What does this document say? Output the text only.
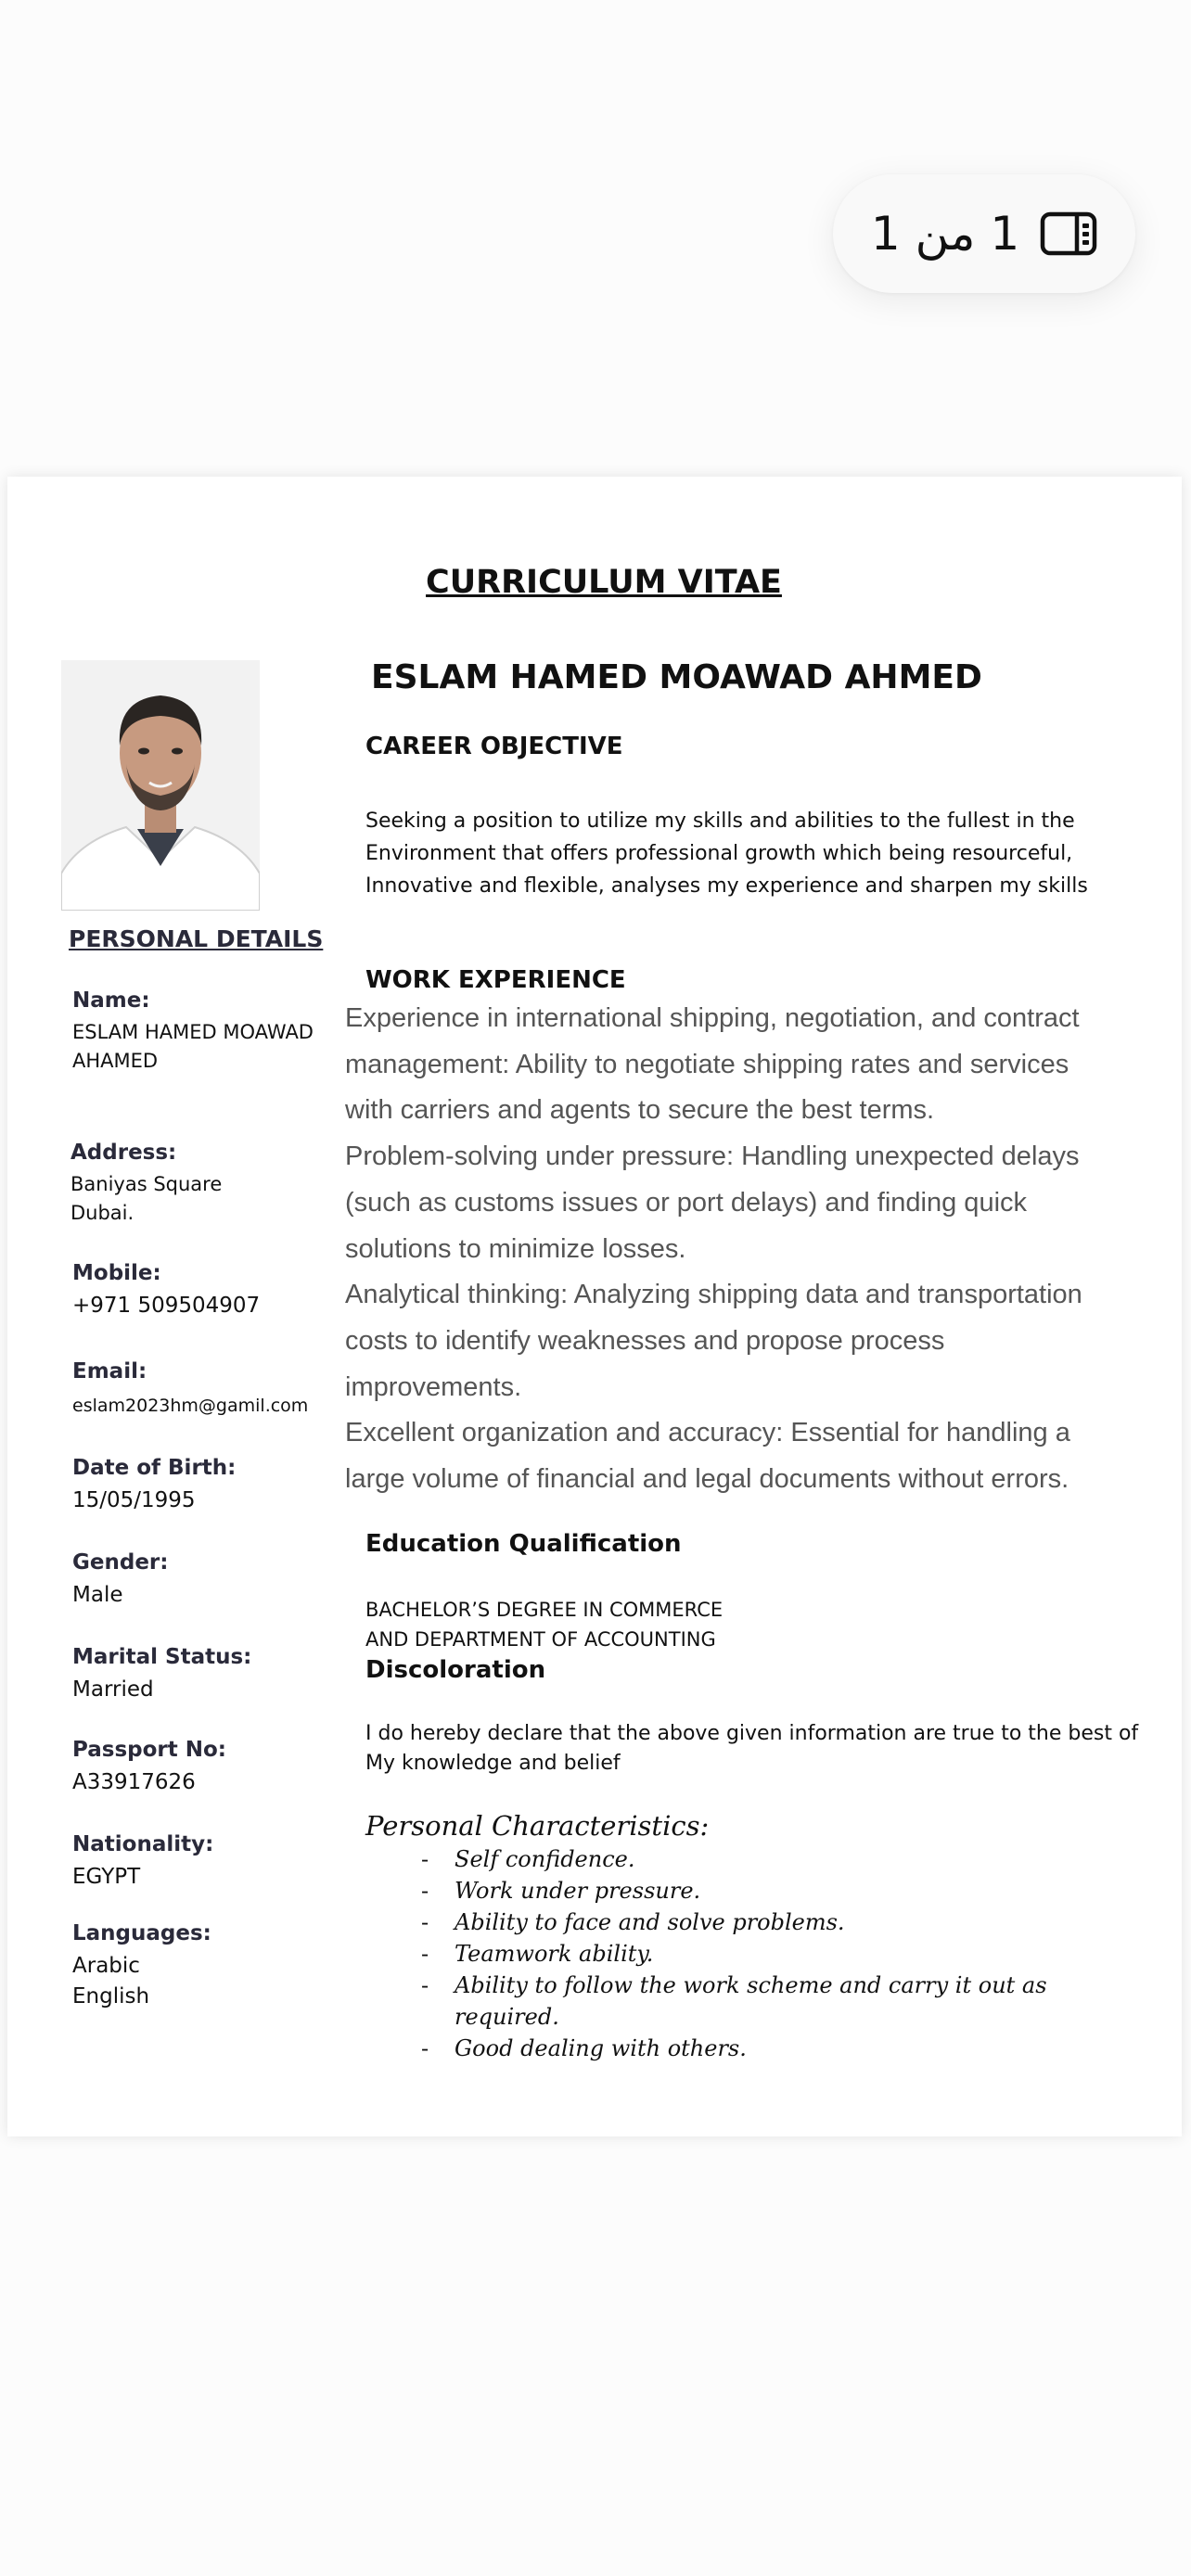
1 من 1
CURRICULUM VITAE
ESLAM HAMED MOAWAD AHMED
CAREER OBJECTIVE
Seeking a position to utilize my skills and abilities to the fullest in the
Environment that offers professional growth which being resourceful,
Innovative and flexible, analyses my experience and sharpen my skills
WORK EXPERIENCE

Experience in international shipping, negotiation, and contract management: Ability to negotiate shipping rates and services with carriers and agents to secure the best terms.

Problem-solving under pressure: Handling unexpected delays (such as customs issues or port delays) and finding quick solutions to minimize losses.

Analytical thinking: Analyzing shipping data and transportation costs to identify weaknesses and propose process improvements.

Excellent organization and accuracy: Essential for handling a large volume of financial and legal documents without errors.

Education Qualification
BACHELOR’S DEGREE IN COMMERCE
AND DEPARTMENT OF ACCOUNTING
Discoloration
I do hereby declare that the above given information are true to the best of
My knowledge and belief
Personal Characteristics:
- Self confidence.
- Work under pressure.
- Ability to face and solve problems.
- Teamwork ability.
- Ability to follow the work scheme and carry it out as required.
- Good dealing with others.
PERSONAL DETAILS
Name:
ESLAM HAMED MOAWAD
AHAMED
Address:
Baniyas Square
Dubai.
Mobile:
+971 509504907
Email:
eslam2023hm@gamil.com
Date of Birth:
15/05/1995
Gender:
Male
Marital Status:
Married
Passport No:
A33917626
Nationality:
EGYPT
Languages:
Arabic
English
